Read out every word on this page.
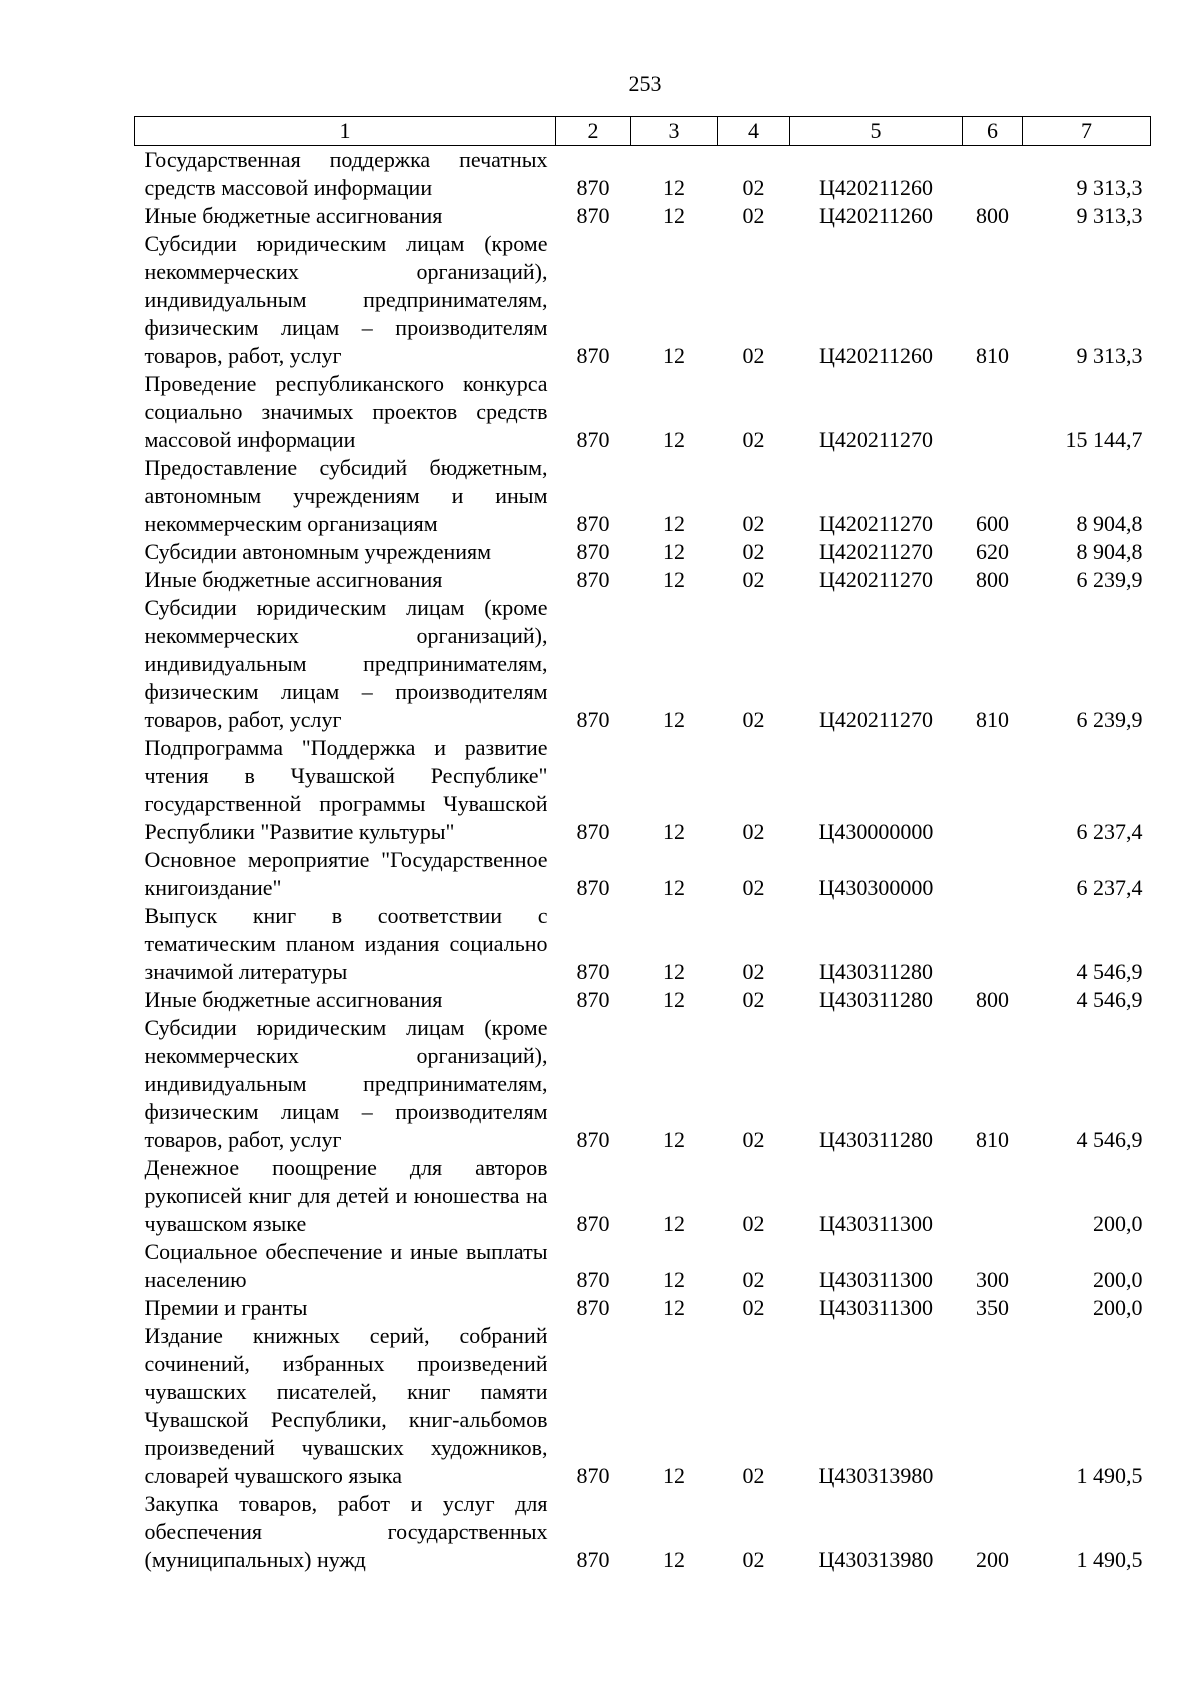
253
1	2	3	4	5	6	7
Государственная поддержка печатных средств массовой информации	870	12	02	Ц420211260		9 313,3
Иные бюджетные ассигнования	870	12	02	Ц420211260	800	9 313,3
Субсидии юридическим лицам (кроме некоммерческих организаций), индивидуальным предпринимателям, физическим лицам – производителям товаров, работ, услуг	870	12	02	Ц420211260	810	9 313,3
Проведение республиканского конкурса социально значимых проектов средств массовой информации	870	12	02	Ц420211270		15 144,7
Предоставление субсидий бюджетным, автономным учреждениям и иным некоммерческим организациям	870	12	02	Ц420211270	600	8 904,8
Субсидии автономным учреждениям	870	12	02	Ц420211270	620	8 904,8
Иные бюджетные ассигнования	870	12	02	Ц420211270	800	6 239,9
Субсидии юридическим лицам (кроме некоммерческих организаций), индивидуальным предпринимателям, физическим лицам – производителям товаров, работ, услуг	870	12	02	Ц420211270	810	6 239,9
Подпрограмма "Поддержка и развитие чтения в Чувашской Республике" государственной программы Чувашской Республики "Развитие культуры"	870	12	02	Ц430000000		6 237,4
Основное мероприятие "Государственное книгоиздание"	870	12	02	Ц430300000		6 237,4
Выпуск книг в соответствии с тематическим планом издания социально значимой литературы	870	12	02	Ц430311280		4 546,9
Иные бюджетные ассигнования	870	12	02	Ц430311280	800	4 546,9
Субсидии юридическим лицам (кроме некоммерческих организаций), индивидуальным предпринимателям, физическим лицам – производителям товаров, работ, услуг	870	12	02	Ц430311280	810	4 546,9
Денежное поощрение для авторов рукописей книг для детей и юношества на чувашском языке	870	12	02	Ц430311300		200,0
Социальное обеспечение и иные выплаты населению	870	12	02	Ц430311300	300	200,0
Премии и гранты	870	12	02	Ц430311300	350	200,0
Издание книжных серий, собраний сочинений, избранных произведений чувашских писателей, книг памяти Чувашской Республики, книг-альбомов произведений чувашских художников, словарей чувашского языка	870	12	02	Ц430313980		1 490,5
Закупка товаров, работ и услуг для обеспечения государственных (муниципальных) нужд	870	12	02	Ц430313980	200	1 490,5
